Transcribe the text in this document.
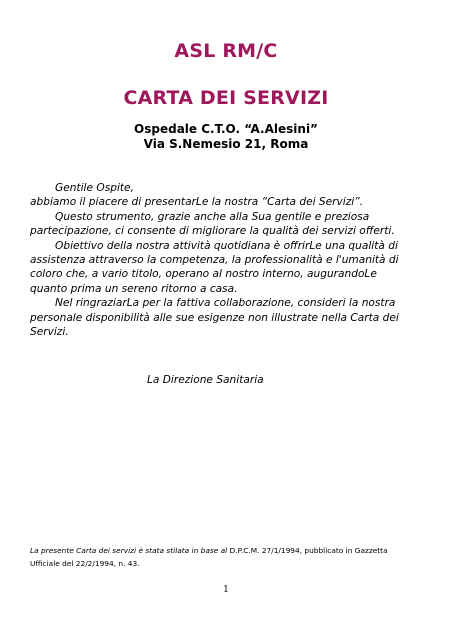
ASL RM/C
CARTA DEI SERVIZI
Ospedale C.T.O. “A.Alesini”
Via S.Nemesio 21, Roma
Gentile Ospite,
abbiamo il piacere di presentarLe la nostra “Carta dei Servizi”.
Questo strumento, grazie anche alla Sua gentile e preziosa
partecipazione, ci consente di migliorare la qualità dei servizi offerti.
Obiettivo della nostra attività quotidiana è offrirLe una qualità di
assistenza attraverso la competenza, la professionalità e l'umanità di
coloro che, a vario titolo, operano al nostro interno, augurandoLe
quanto prima un sereno ritorno a casa.
Nel ringraziarLa per la fattiva collaborazione, consideri la nostra
personale disponibilità alle sue esigenze non illustrate nella Carta dei
Servizi.
La Direzione Sanitaria
La presente Carta dei servizi è stata stilata in base al D.P.C.M. 27/1/1994, pubblicato in Gazzetta
Ufficiale del 22/2/1994, n. 43.
1
